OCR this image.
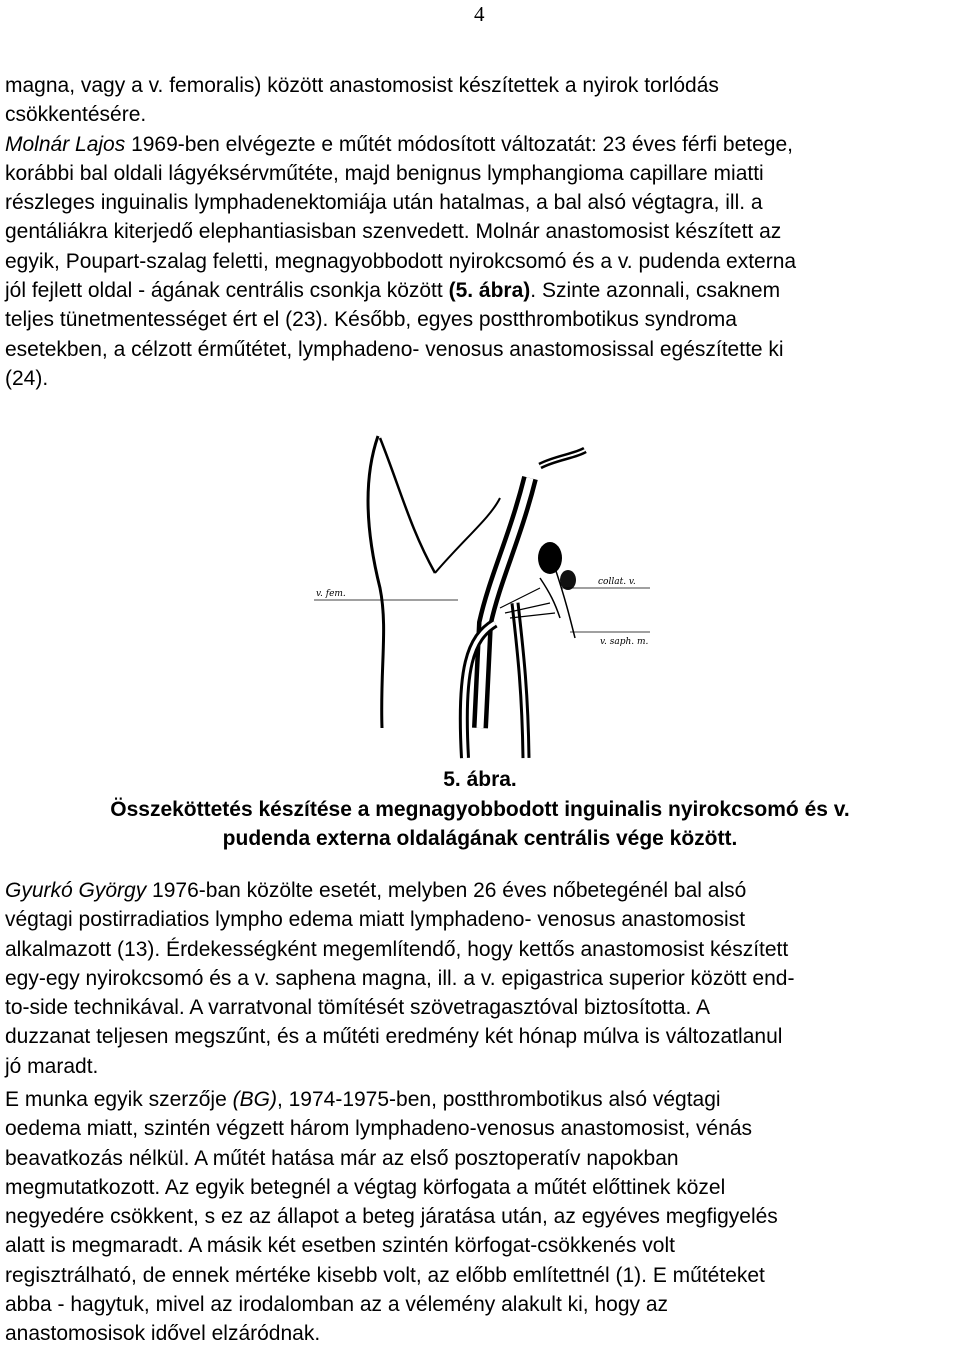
4

magna, vagy a v. femoralis) között anastomosist készítettek a nyirok torlódás
csökkentésére.
Molnár Lajos 1969-ben elvégezte e műtét módosított változatát: 23 éves férfi betege,
korábbi bal oldali lágyéksérvműtéte, majd benignus lymphangioma capillare miatti
részleges inguinalis lymphadenektomiája után hatalmas, a bal alsó végtagra, ill. a
gentáliákra kiterjedő elephantiasisban szenvedett. Molnár anastomosist készített az
egyik, Poupart-szalag feletti, megnagyobbodott nyirokcsomó és a v. pudenda externa
jól fejlett oldal - ágának centrális csonkja között (5. ábra). Szinte azonnali, csaknem
teljes tünetmentességet ért el (23). Később, egyes postthrombotikus syndroma
esetekben, a célzott érműtétet, lymphadeno- venosus anastomosissal egészítette ki
(24).

v. fem.
collat. v.
v. saph. m.

5. ábra.

Összeköttetés készítése a megnagyobbodott inguinalis nyirokcsomó és v.

pudenda externa oldalágának centrális vége között.

Gyurkó György 1976-ban közölte esetét, melyben 26 éves nőbetegénél bal alsó
végtagi postirradiatios lympho edema miatt lymphadeno- venosus anastomosist
alkalmazott (13). Érdekességként megemlítendő, hogy kettős anastomosist készített
egy-egy nyirokcsomó és a v. saphena magna, ill. a v. epigastrica superior között end-
to-side technikával. A varratvonal tömítését szövetragasztóval biztosította. A
duzzanat teljesen megszűnt, és a műtéti eredmény két hónap múlva is változatlanul
jó maradt.

E munka egyik szerzője (BG), 1974-1975-ben, postthrombotikus alsó végtagi
oedema miatt, szintén végzett három lymphadeno-venosus anastomosist, vénás
beavatkozás nélkül. A műtét hatása már az első posztoperatív napokban
megmutatkozott. Az egyik betegnél a végtag körfogata a műtét előttinek közel
negyedére csökkent, s ez az állapot a beteg járatása után, az egyéves megfigyelés
alatt is megmaradt. A másik két esetben szintén körfogat-csökkenés volt
regisztrálható, de ennek mértéke kisebb volt, az előbb említettnél (1). E műtéteket
abba - hagytuk, mivel az irodalomban az a vélemény alakult ki, hogy az
anastomosisok idővel elzáródnak.
